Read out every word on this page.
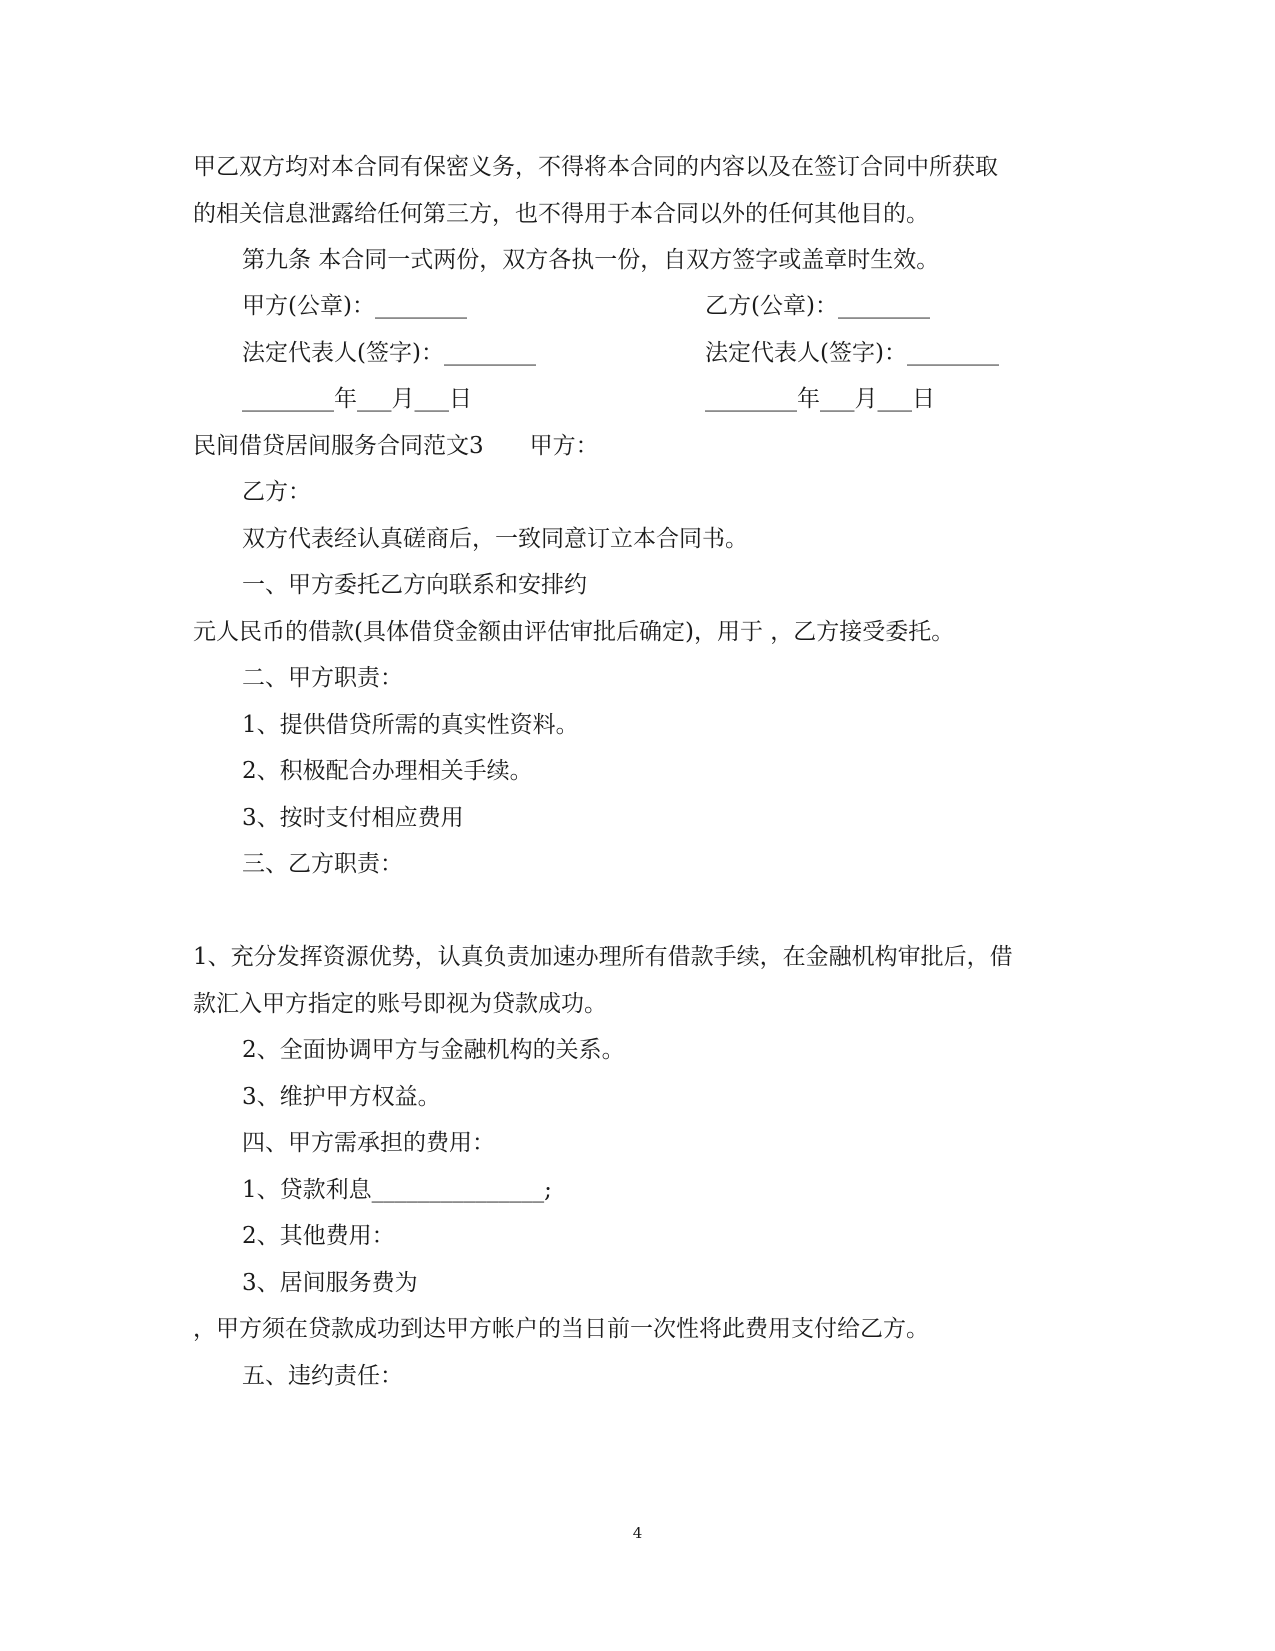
甲乙双方均对本合同有保密义务，不得将本合同的内容以及在签订合同中所获取
的相关信息泄露给任何第三方，也不得用于本合同以外的任何其他目的。
第九条 本合同一式两份，双方各执一份，自双方签字或盖章时生效。
甲方(公章)：________	乙方(公章)：________
法定代表人(签字)：________	法定代表人(签字)：________
________年___月___日	________年___月___日
民间借贷居间服务合同范文3　　甲方：
乙方：
双方代表经认真磋商后，一致同意订立本合同书。
一、甲方委托乙方向联系和安排约
元人民币的借款(具体借贷金额由评估审批后确定)，用于 ，乙方接受委托。
二、甲方职责：
1、提供借贷所需的真实性资料。
2、积极配合办理相关手续。
3、按时支付相应费用
三、乙方职责：
1、充分发挥资源优势，认真负责加速办理所有借款手续，在金融机构审批后，借
款汇入甲方指定的账号即视为贷款成功。
2、全面协调甲方与金融机构的关系。
3、维护甲方权益。
四、甲方需承担的费用：
1、贷款利息_______________;
2、其他费用：
3、居间服务费为
，甲方须在贷款成功到达甲方帐户的当日前一次性将此费用支付给乙方。
五、违约责任：
4
